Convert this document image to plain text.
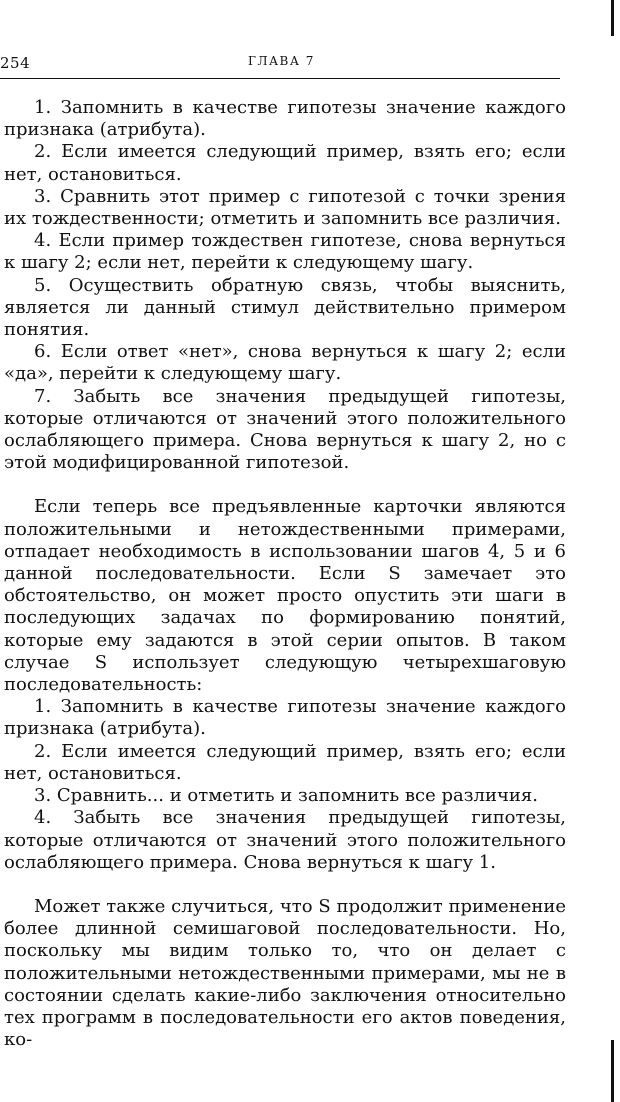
254	ГЛАВА 7

1. Запомнить в качестве гипотезы значение каждого признака (атрибута).

2. Если имеется следующий пример, взять его; если нет, остановиться.

3. Сравнить этот пример с гипотезой с точки зрения их тождественности; отметить и запомнить все различия.

4. Если пример тождествен гипотезе, снова вернуться к шагу 2; если нет, перейти к следующему шагу.

5. Осуществить обратную связь, чтобы выяснить, является ли данный стимул действительно примером понятия.

6. Если ответ «нет», снова вернуться к шагу 2; если «да», перейти к следующему шагу.

7. Забыть все значения предыдущей гипотезы, которые отличаются от значений этого положительного ослабляющего примера. Снова вернуться к шагу 2, но с этой модифицированной гипотезой.

Если теперь все предъявленные карточки являются положительными и нетождественными примерами, отпадает необходимость в использовании шагов 4, 5 и 6 данной последовательности. Если S замечает это обстоятельство, он может просто опустить эти шаги в последующих задачах по формированию понятий, которые ему задаются в этой серии опытов. В таком случае S использует следующую четырехшаговую последовательность:

1. Запомнить в качестве гипотезы значение каждого признака (атрибута).

2. Если имеется следующий пример, взять его; если нет, остановиться.

3. Сравнить... и отметить и запомнить все различия.

4. Забыть все значения предыдущей гипотезы, которые отличаются от значений этого положительного ослабляющего примера. Снова вернуться к шагу 1.

Может также случиться, что S продолжит применение более длинной семишаговой последовательности. Но, поскольку мы видим только то, что он делает с положительными нетождественными примерами, мы не в состоянии сделать какие-либо заключения относительно тех программ в последовательности его актов поведения, ко-
